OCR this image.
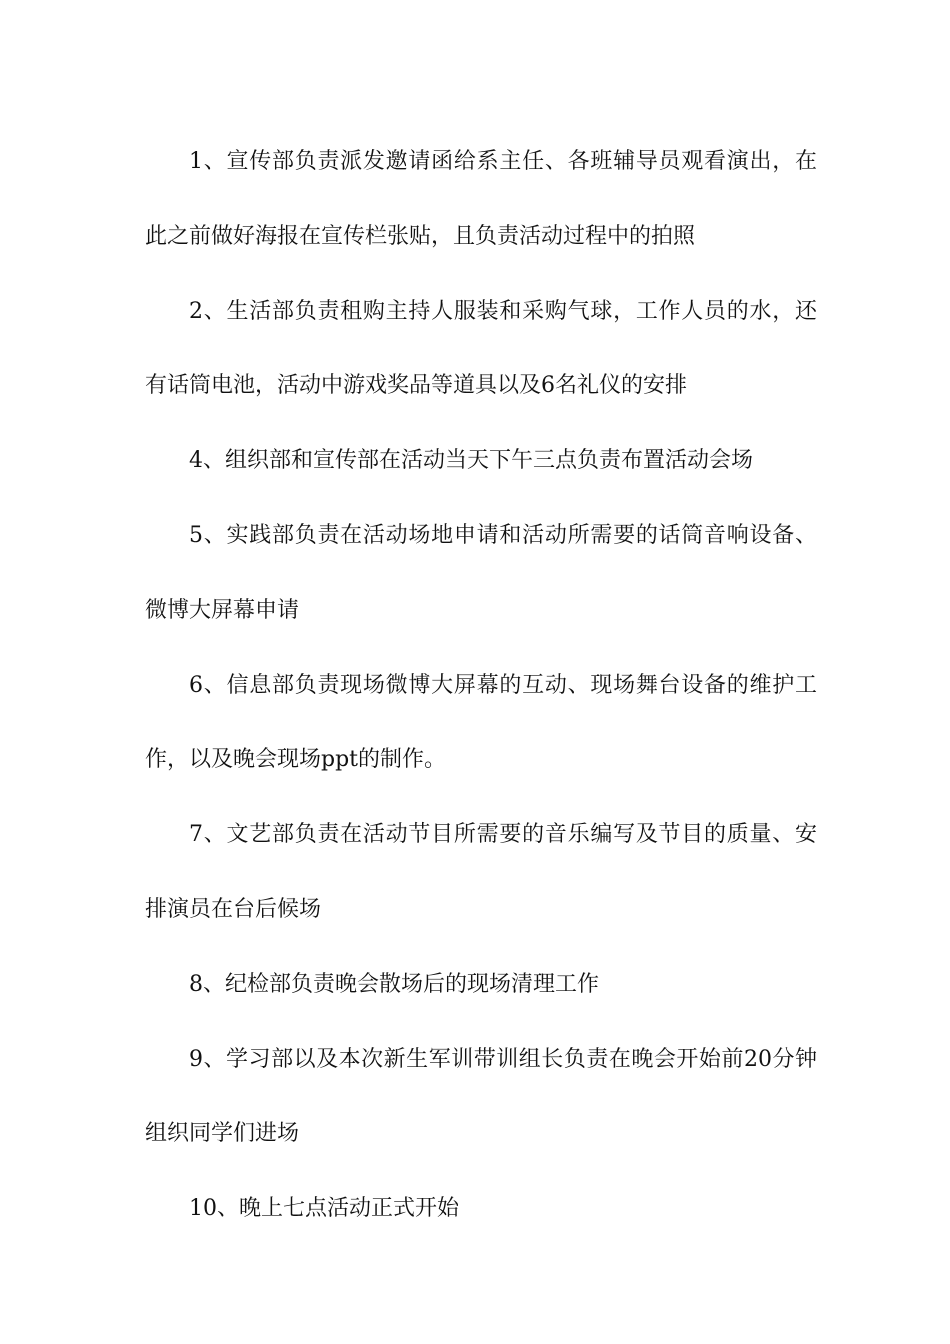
1、宣传部负责派发邀请函给系主任、各班辅导员观看演出，在此之前做好海报在宣传栏张贴，且负责活动过程中的拍照

2、生活部负责租购主持人服装和采购气球，工作人员的水，还有话筒电池，活动中游戏奖品等道具以及6名礼仪的安排

4、组织部和宣传部在活动当天下午三点负责布置活动会场

5、实践部负责在活动场地申请和活动所需要的话筒音响设备、微博大屏幕申请

6、信息部负责现场微博大屏幕的互动、现场舞台设备的维护工作，以及晚会现场ppt的制作。

7、文艺部负责在活动节目所需要的音乐编写及节目的质量、安排演员在台后候场

8、纪检部负责晚会散场后的现场清理工作

9、学习部以及本次新生军训带训组长负责在晚会开始前20分钟组织同学们进场

10、晚上七点活动正式开始
